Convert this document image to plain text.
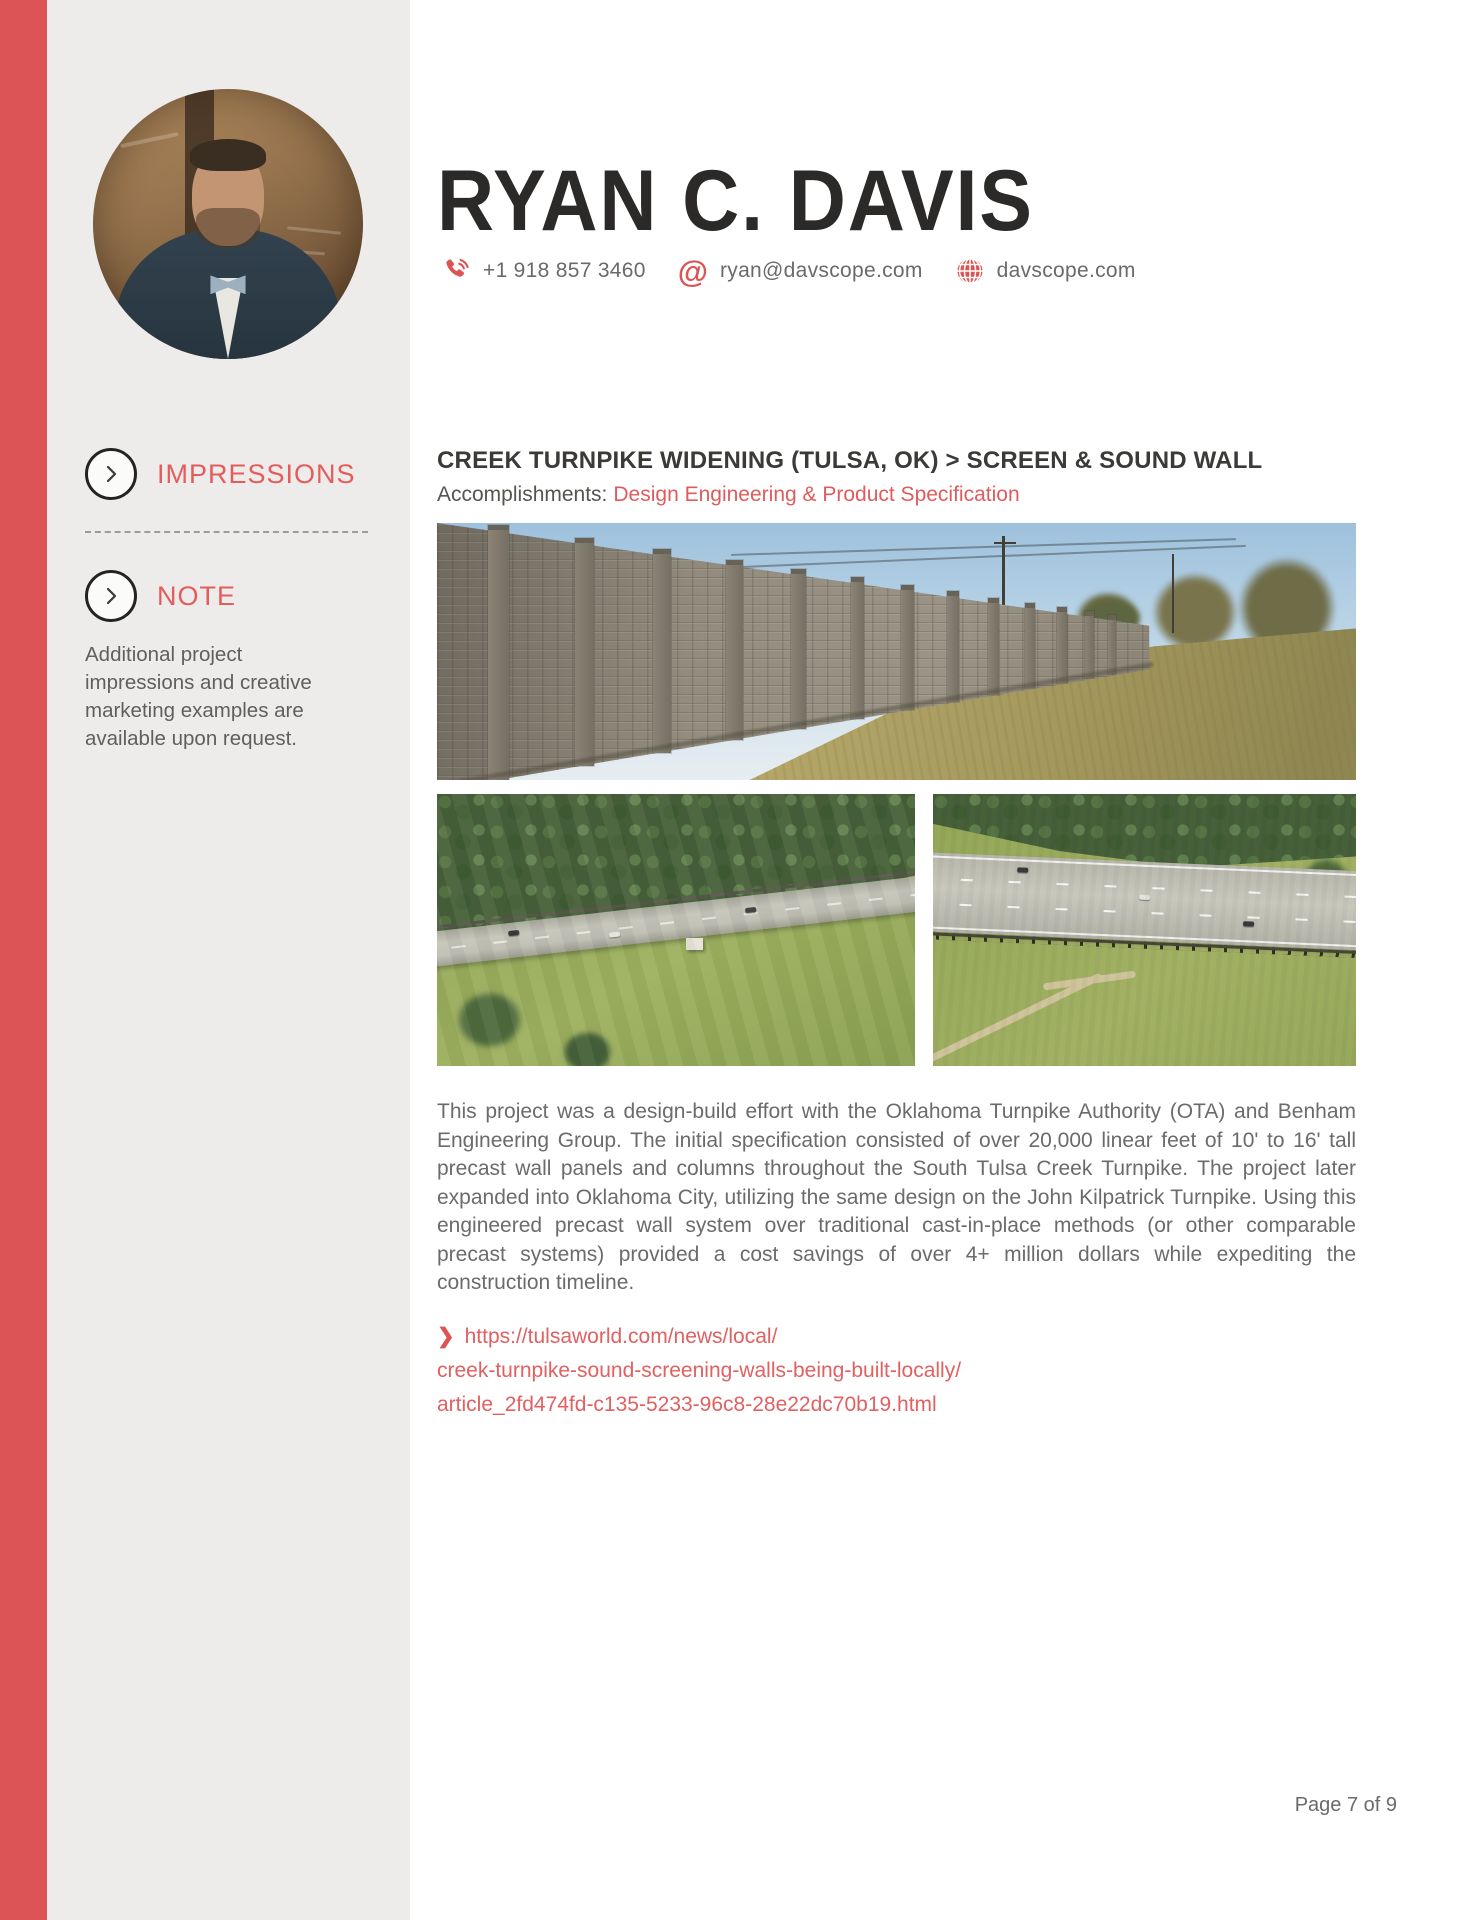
RYAN C. DAVIS
+1 918 857 3460 @ ryan@davscope.com	davscope.com
IMPRESSIONS
NOTE
Additional project impressions and creative marketing examples are available upon request.
CREEK TURNPIKE WIDENING (TULSA, OK) > SCREEN & SOUND WALL
Accomplishments: Design Engineering & Product Specification
This project was a design-build effort with the Oklahoma Turnpike Authority (OTA) and Benham Engineering Group. The initial specification consisted of over 20,000 linear feet of 10' to 16' tall precast wall panels and columns throughout the South Tulsa Creek Turnpike. The project later expanded into Oklahoma City, utilizing the same design on the John Kilpatrick Turnpike. Using this engineered precast wall system over traditional cast-in-place methods (or other comparable precast systems) provided a cost savings of over 4+ million dollars while expediting the construction timeline.
❯ https://tulsaworld.com/news/local/
creek-turnpike-sound-screening-walls-being-built-locally/
article_2fd474fd-c135-5233-96c8-28e22dc70b19.html
Page 7 of 9
